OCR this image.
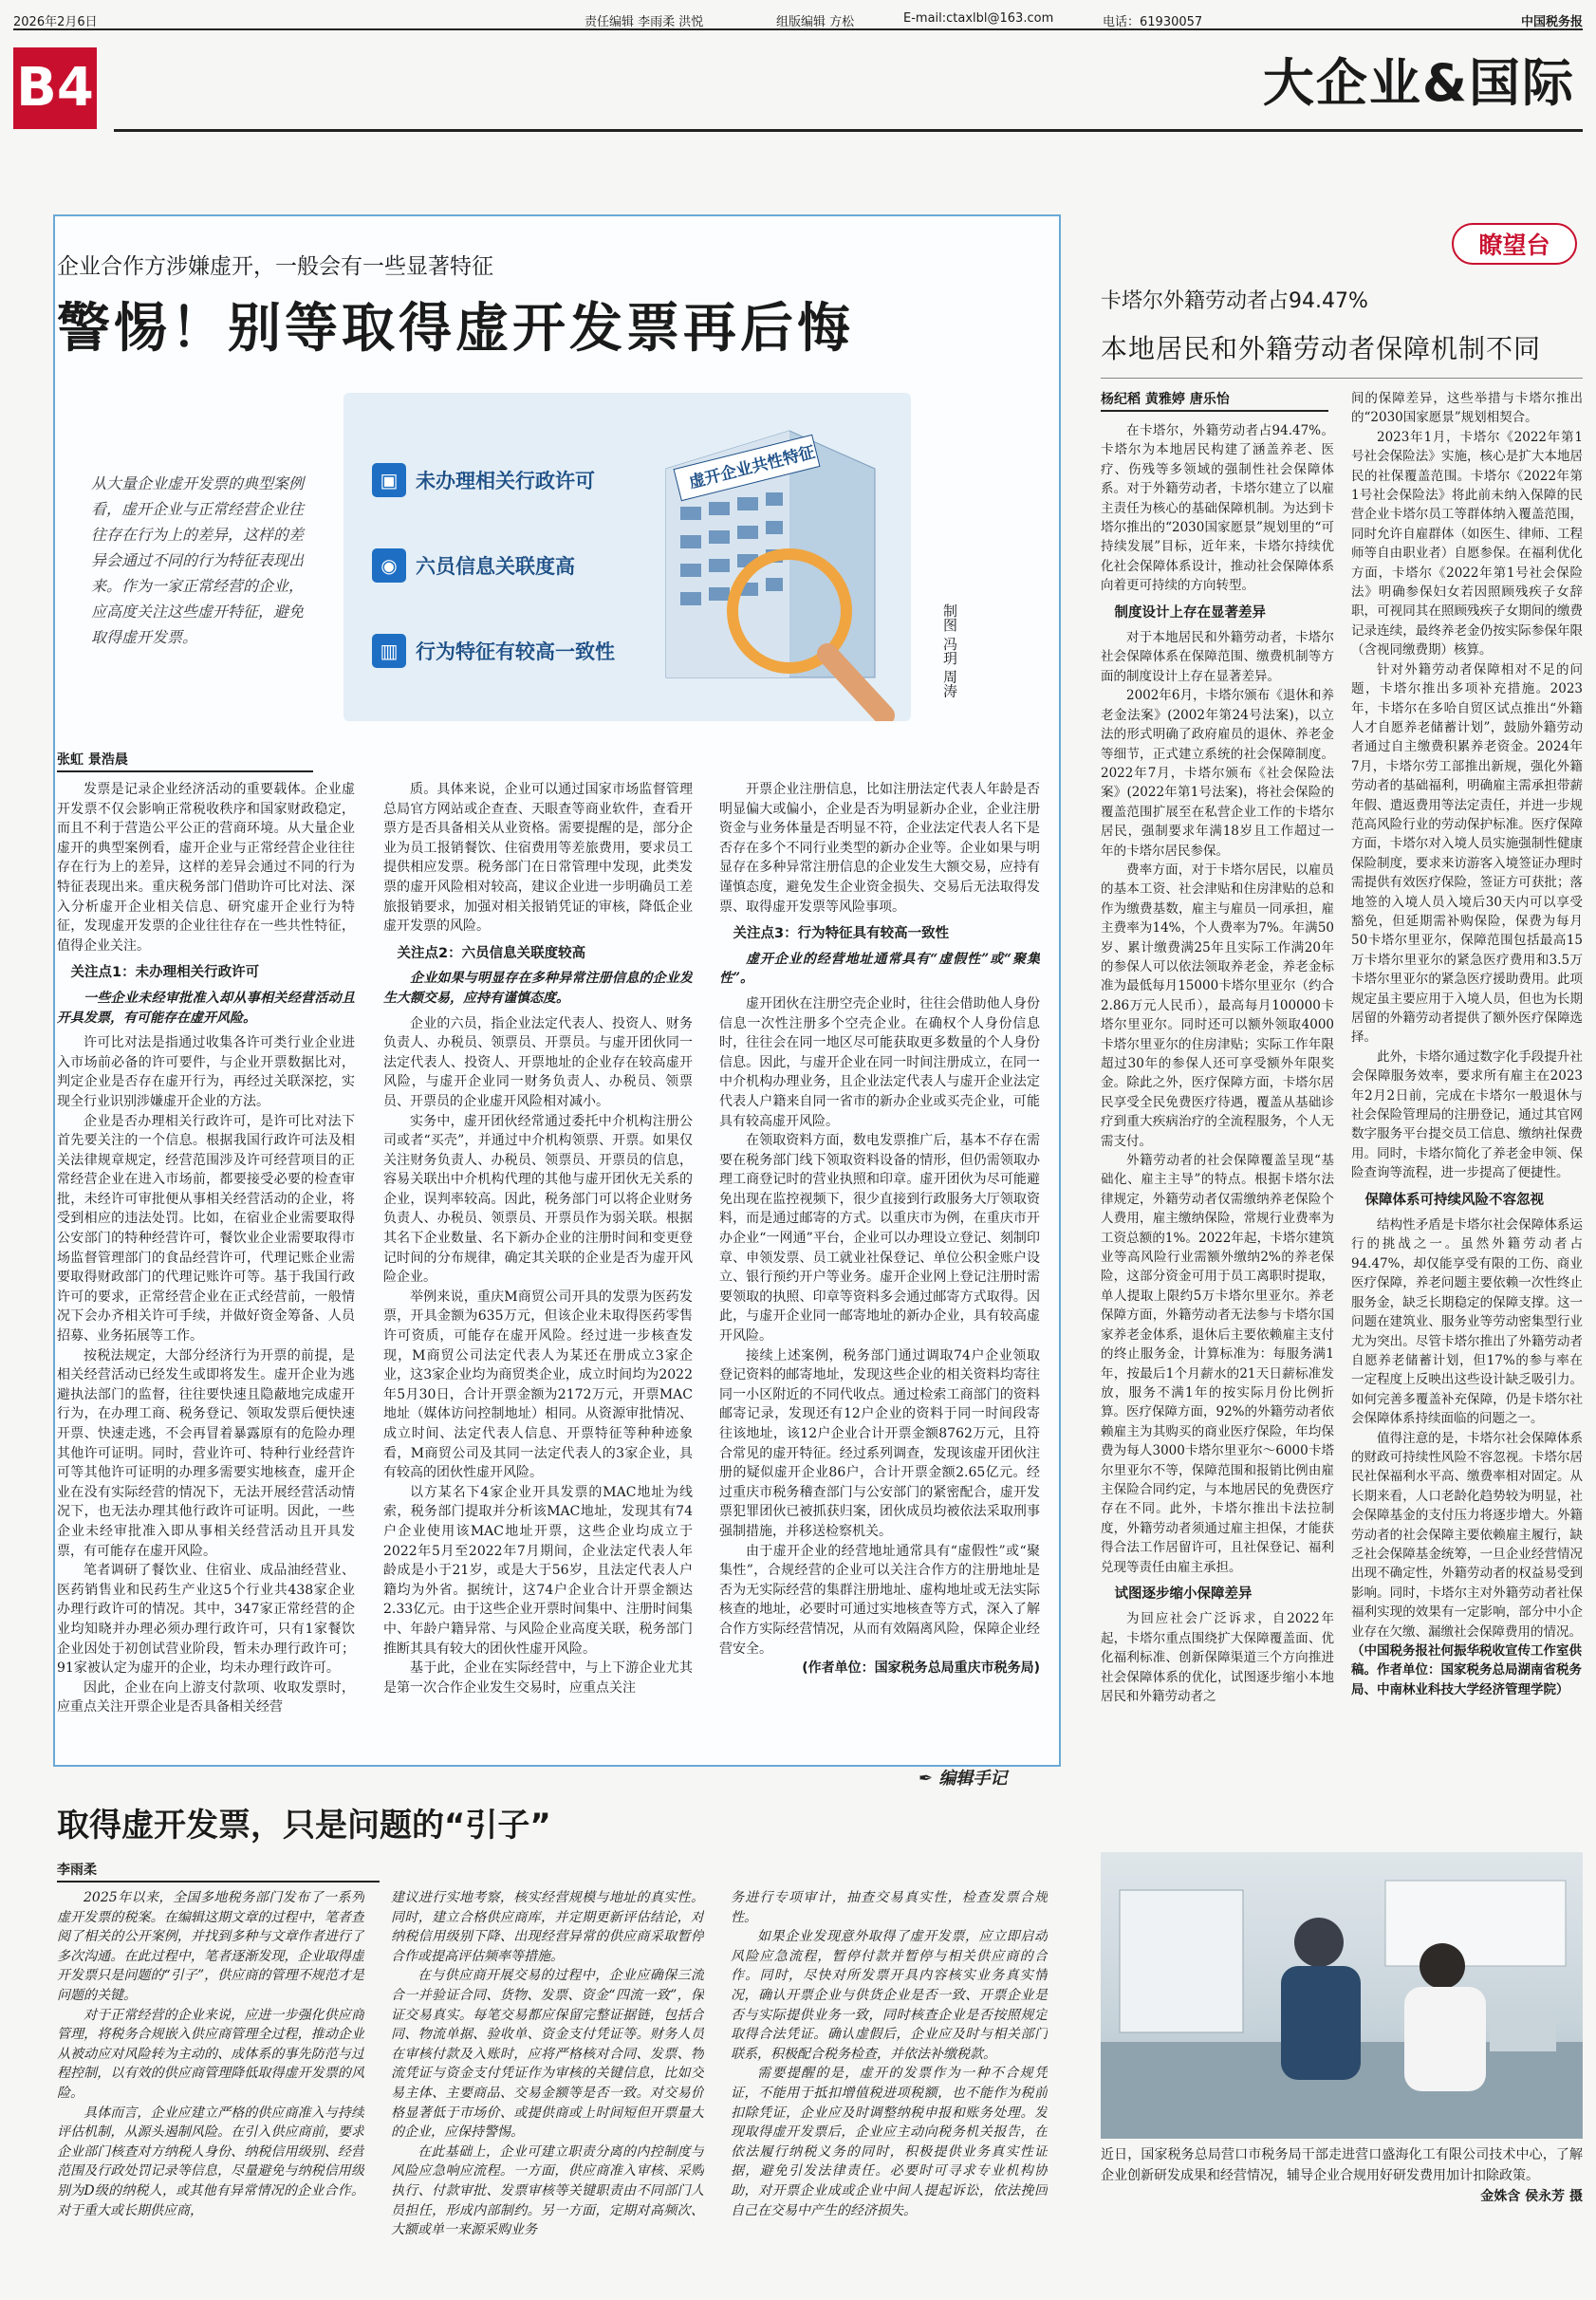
2026年2月6日	责任编辑 李雨柔 洪悦	组版编辑 方松	E-mail:ctaxlbl@163.com	电话：61930057	中国税务报
B4	大企业&国际
企业合作方涉嫌虚开，一般会有一些显著特征
警惕！别等取得虚开发票再后悔
从大量企业虚开发票的典型案例看，虚开企业与正常经营企业往往存在行为上的差异，这样的差异会通过不同的行为特征表现出来。作为一家正常经营的企业，应高度关注这些虚开特征，避免取得虚开发票。
虚开企业共性特征
▣ 未办理相关行政许可
◉ 六员信息关联度高
▥ 行为特征有较高一致性	制图 冯玥 周涛
张虹 景浩晨

发票是记录企业经济活动的重要载体。企业虚开发票不仅会影响正常税收秩序和国家财政稳定，而且不利于营造公平公正的营商环境。从大量企业虚开的典型案例看，虚开企业与正常经营企业往往存在行为上的差异，这样的差异会通过不同的行为特征表现出来。重庆税务部门借助许可比对法、深入分析虚开企业相关信息、研究虚开企业行为特征，发现虚开发票的企业往往存在一些共性特征，值得企业关注。

关注点1：未办理相关行政许可

一些企业未经审批准入却从事相关经营活动且开具发票，有可能存在虚开风险。

许可比对法是指通过收集各许可类行业企业进入市场前必备的许可要件，与企业开票数据比对，判定企业是否存在虚开行为，再经过关联深挖，实现全行业识别涉嫌虚开企业的方法。

企业是否办理相关行政许可，是许可比对法下首先要关注的一个信息。根据我国行政许可法及相关法律规章规定，经营范围涉及许可经营项目的正常经营企业在进入市场前，都要接受必要的检查审批，未经许可审批便从事相关经营活动的企业，将受到相应的违法处罚。比如，在宿业企业需要取得公安部门的特种经营许可，餐饮业企业需要取得市场监督管理部门的食品经营许可，代理记账企业需要取得财政部门的代理记账许可等。基于我国行政许可的要求，正常经营企业在正式经营前，一般情况下会办齐相关许可手续，并做好资金筹备、人员招募、业务拓展等工作。

按税法规定，大部分经济行为开票的前提，是相关经营活动已经发生或即将发生。虚开企业为逃避执法部门的监督，往往要快速且隐蔽地完成虚开行为，在办理工商、税务登记、领取发票后便快速开票、快速走逃，不会再冒着暴露原有的危险办理其他许可证明。同时，营业许可、特种行业经营许可等其他许可证明的办理多需要实地核查，虚开企业在没有实际经营的情况下，无法开展经营活动情况下，也无法办理其他行政许可证明。因此，一些企业未经审批准入即从事相关经营活动且开具发票，有可能存在虚开风险。

笔者调研了餐饮业、住宿业、成品油经营业、医药销售业和民药生产业这5个行业共438家企业办理行政许可的情况。其中，347家正常经营的企业均知晓并办理必须办理行政许可，只有1家餐饮企业因处于初创试营业阶段，暂未办理行政许可；91家被认定为虚开的企业，均未办理行政许可。

因此，企业在向上游支付款项、收取发票时，应重点关注开票企业是否具备相关经营

质。具体来说，企业可以通过国家市场监督管理总局官方网站或企查查、天眼查等商业软件，查看开票方是否具备相关从业资格。需要提醒的是，部分企业为员工报销餐饮、住宿费用等差旅费用，要求员工提供相应发票。税务部门在日常管理中发现，此类发票的虚开风险相对较高，建议企业进一步明确员工差旅报销要求，加强对相关报销凭证的审核，降低企业虚开发票的风险。

关注点2：六员信息关联度较高

企业如果与明显存在多种异常注册信息的企业发生大额交易，应持有谨慎态度。

企业的六员，指企业法定代表人、投资人、财务负责人、办税员、领票员、开票员。与虚开团伙同一法定代表人、投资人、开票地址的企业存在较高虚开风险，与虚开企业同一财务负责人、办税员、领票员、开票员的企业虚开风险相对减小。

实务中，虚开团伙经常通过委托中介机构注册公司或者“买壳”，并通过中介机构领票、开票。如果仅关注财务负责人、办税员、领票员、开票员的信息，容易关联出中介机构代理的其他与虚开团伙无关系的企业，误判率较高。因此，税务部门可以将企业财务负责人、办税员、领票员、开票员作为弱关联。根据其名下企业数量、名下新办企业的注册时间和变更登记时间的分布规律，确定其关联的企业是否为虚开风险企业。

举例来说，重庆M商贸公司开具的发票为医药发票，开具金额为635万元，但该企业未取得医药零售许可资质，可能存在虚开风险。经过进一步核查发现，M商贸公司法定代表人为某还在册成立3家企业，这3家企业均为商贸类企业，成立时间均为2022年5月30日，合计开票金额为2172万元，开票MAC地址（媒体访问控制地址）相同。从资源审批情况、成立时间、法定代表人信息、开票特征等种种迹象看，M商贸公司及其同一法定代表人的3家企业，具有较高的团伙性虚开风险。

以方某名下4家企业开具发票的MAC地址为线索，税务部门提取并分析该MAC地址，发现其有74户企业使用该MAC地址开票，这些企业均成立于2022年5月至2022年7月期间，企业法定代表人年龄成是小于21岁，或是大于56岁，且法定代表人户籍均为外省。据统计，这74户企业合计开票金额达2.33亿元。由于这些企业开票时间集中、注册时间集中、年龄户籍异常、与风险企业高度关联，税务部门推断其具有较大的团伙性虚开风险。

基于此，企业在实际经营中，与上下游企业尤其是第一次合作企业发生交易时，应重点关注

开票企业注册信息，比如注册法定代表人年龄是否明显偏大或偏小，企业是否为明显新办企业，企业注册资金与业务体量是否明显不符，企业法定代表人名下是否存在多个不同行业类型的新办企业等。企业如果与明显存在多种异常注册信息的企业发生大额交易，应持有谨慎态度，避免发生企业资金损失、交易后无法取得发票、取得虚开发票等风险事项。

关注点3：行为特征具有较高一致性

虚开企业的经营地址通常具有“虚假性”或“聚集性”。

虚开团伙在注册空壳企业时，往往会借助他人身份信息一次性注册多个空壳企业。在确权个人身份信息时，往往会在同一地区尽可能获取更多数量的个人身份信息。因此，与虚开企业在同一时间注册成立，在同一中介机构办理业务，且企业法定代表人与虚开企业法定代表人户籍来自同一省市的新办企业或买壳企业，可能具有较高虚开风险。

在领取资料方面，数电发票推广后，基本不存在需要在税务部门线下领取资料设备的情形，但仍需领取办理工商登记时的营业执照和印章。虚开团伙为尽可能避免出现在监控视频下，很少直接到行政服务大厅领取资料，而是通过邮寄的方式。以重庆市为例，在重庆市开办企业“一网通”平台，企业可以办理设立登记、刻制印章、申领发票、员工就业社保登记、单位公积金账户设立、银行预约开户等业务。虚开企业网上登记注册时需要领取的执照、印章等资料多会通过邮寄方式取得。因此，与虚开企业同一邮寄地址的新办企业，具有较高虚开风险。

接续上述案例，税务部门通过调取74户企业领取登记资料的邮寄地址，发现这些企业的相关资料均寄往同一小区附近的不同代收点。通过检索工商部门的资料邮寄记录，发现还有12户企业的资料于同一时间段寄往该地址，该12户企业合计开票金额8762万元，且符合常见的虚开特征。经过系列调查，发现该虚开团伙注册的疑似虚开企业86户，合计开票金额2.65亿元。经过重庆市税务稽查部门与公安部门的紧密配合，虚开发票犯罪团伙已被抓获归案，团伙成员均被依法采取刑事强制措施，并移送检察机关。

由于虚开企业的经营地址通常具有“虚假性”或“聚集性”，合规经营的企业可以关注合作方的注册地址是否为无实际经营的集群注册地址、虚构地址或无法实际核查的地址，必要时可通过实地核查等方式，深入了解合作方实际经营情况，从而有效隔离风险，保障企业经营安全。

(作者单位：国家税务总局重庆市税务局)

✒ 编辑手记
取得虚开发票，只是问题的“引子”
李雨柔

2025年以来，全国多地税务部门发布了一系列虚开发票的税案。在编辑这期文章的过程中，笔者查阅了相关的公开案例，并找到多种与文章作者进行了多次沟通。在此过程中，笔者逐渐发现，企业取得虚开发票只是问题的“引子”，供应商的管理不规范才是问题的关键。

对于正常经营的企业来说，应进一步强化供应商管理，将税务合规嵌入供应商管理全过程，推动企业从被动应对风险转为主动的、成体系的事先防范与过程控制，以有效的供应商管理降低取得虚开发票的风险。

具体而言，企业应建立严格的供应商准入与持续评估机制，从源头遏制风险。在引入供应商前，要求企业部门核查对方纳税人身份、纳税信用级别、经营范围及行政处罚记录等信息，尽量避免与纳税信用级别为D级的纳税人，或其他有异常情况的企业合作。对于重大或长期供应商，

建议进行实地考察，核实经营规模与地址的真实性。同时，建立合格供应商库，并定期更新评估结论，对纳税信用级别下降、出现经营异常的供应商采取暂停合作或提高评估频率等措施。

在与供应商开展交易的过程中，企业应确保三流合一并验证合同、货物、发票、资金“四流一致”，保证交易真实。每笔交易都应保留完整证据链，包括合同、物流单据、验收单、资金支付凭证等。财务人员在审核付款及入账时，应将严格核对合同、发票、物流凭证与资金支付凭证作为审核的关键信息，比如交易主体、主要商品、交易金额等是否一致。对交易价格显著低于市场价、或提供商或上时间短但开票量大的企业，应保持警惕。

在此基础上，企业可建立职责分离的内控制度与风险应急响应流程。一方面，供应商准入审核、采购执行、付款审批、发票审核等关键职责由不同部门人员担任，形成内部制约。另一方面，定期对高频次、大额或单一来源采购业务

务进行专项审计，抽查交易真实性，检查发票合规性。

如果企业发现意外取得了虚开发票，应立即启动风险应急流程，暂停付款并暂停与相关供应商的合作。同时，尽快对所发票开具内容核实业务真实情况，确认开票企业与供货企业是否一致、开票企业是否与实际提供业务一致，同时核查企业是否按照规定取得合法凭证。确认虚假后，企业应及时与相关部门联系，积极配合税务检查，并依法补缴税款。

需要提醒的是，虚开的发票作为一种不合规凭证，不能用于抵扣增值税进项税额，也不能作为税前扣除凭证，企业应及时调整纳税申报和账务处理。发现取得虚开发票后，企业应主动向税务机关报告，在依法履行纳税义务的同时，积极提供业务真实性证据，避免引发法律责任。必要时可寻求专业机构协助，对开票企业成或企业中间人提起诉讼，依法挽回自己在交易中产生的经济损失。

瞭望台
卡塔尔外籍劳动者占94.47%
本地居民和外籍劳动者保障机制不同
杨纪稻 黄雅婷 唐乐怡

在卡塔尔，外籍劳动者占94.47%。卡塔尔为本地居民构建了涵盖养老、医疗、伤残等多领域的强制性社会保障体系。对于外籍劳动者，卡塔尔建立了以雇主责任为核心的基础保障机制。为达到卡塔尔推出的“2030国家愿景”规划里的“可持续发展”目标，近年来，卡塔尔持续优化社会保障体系设计，推动社会保障体系向着更可持续的方向转型。

制度设计上存在显著差异

对于本地居民和外籍劳动者，卡塔尔社会保障体系在保障范围、缴费机制等方面的制度设计上存在显著差异。

2002年6月，卡塔尔颁布《退休和养老金法案》(2002年第24号法案)，以立法的形式明确了政府雇员的退休、养老金等细节，正式建立系统的社会保障制度。2022年7月，卡塔尔颁布《社会保险法案》(2022年第1号法案)，将社会保险的覆盖范围扩展至在私营企业工作的卡塔尔居民，强制要求年满18岁且工作超过一年的卡塔尔居民参保。

费率方面，对于卡塔尔居民，以雇员的基本工资、社会津贴和住房津贴的总和作为缴费基数，雇主与雇员一同承担，雇主费率为14%，个人费率为7%。年满50岁、累计缴费满25年且实际工作满20年的参保人可以依法领取养老金，养老金标准为最低每月15000卡塔尔里亚尔（约合2.86万元人民币），最高每月100000卡塔尔里亚尔。同时还可以额外领取4000卡塔尔里亚尔的住房津贴；实际工作年限超过30年的参保人还可享受额外年限奖金。除此之外，医疗保障方面，卡塔尔居民享受全民免费医疗待遇，覆盖从基础诊疗到重大疾病治疗的全流程服务，个人无需支付。

外籍劳动者的社会保障覆盖呈现“基础化、雇主主导”的特点。根据卡塔尔法律规定，外籍劳动者仅需缴纳养老保险个人费用，雇主缴纳保险，常规行业费率为工资总额的1%。2022年起，卡塔尔建筑业等高风险行业需额外缴纳2%的养老保险，这部分资金可用于员工离职时提取，单人提取上限约5万卡塔尔里亚尔。养老保障方面，外籍劳动者无法参与卡塔尔国家养老金体系，退休后主要依赖雇主支付的终止服务金，计算标准为：每服务满1年，按最后1个月薪水的21天日薪标准发放，服务不满1年的按实际月份比例折算。医疗保障方面，92%的外籍劳动者依赖雇主为其购买的商业医疗保险，年均保费为每人3000卡塔尔里亚尔～6000卡塔尔里亚尔不等，保障范围和报销比例由雇主保险合同约定，与本地居民的免费医疗存在不同。此外，卡塔尔推出卡法拉制度，外籍劳动者须通过雇主担保，才能获得合法工作居留许可，且社保登记、福利兑现等责任由雇主承担。

试图逐步缩小保障差异

为回应社会广泛诉求，自2022年起，卡塔尔重点围绕扩大保障覆盖面、优化福利标准、创新保障渠道三个方向推进社会保障体系的优化，试图逐步缩小本地居民和外籍劳动者之

间的保障差异，这些举措与卡塔尔推出的“2030国家愿景”规划相契合。

2023年1月，卡塔尔《2022年第1号社会保险法》实施，核心是扩大本地居民的社保覆盖范围。卡塔尔《2022年第1号社会保险法》将此前未纳入保障的民营企业卡塔尔员工等群体纳入覆盖范围，同时允许自雇群体（如医生、律师、工程师等自由职业者）自愿参保。在福利优化方面，卡塔尔《2022年第1号社会保险法》明确参保妇女若因照顾残疾子女辞职，可视同其在照顾残疾子女期间的缴费记录连续，最终养老金仍按实际参保年限（含视同缴费期）核算。

针对外籍劳动者保障相对不足的问题，卡塔尔推出多项补充措施。2023年，卡塔尔在多哈自贸区试点推出“外籍人才自愿养老储蓄计划”，鼓励外籍劳动者通过自主缴费积累养老资金。2024年7月，卡塔尔劳工部推出新规，强化外籍劳动者的基础福利，明确雇主需承担带薪年假、遣返费用等法定责任，并进一步规范高风险行业的劳动保护标准。医疗保障方面，卡塔尔对入境人员实施强制性健康保险制度，要求来访游客入境签证办理时需提供有效医疗保险，签证方可获批；落地签的入境人员入境后30天内可以享受豁免，但延期需补购保险，保费为每月50卡塔尔里亚尔，保障范围包括最高15万卡塔尔里亚尔的紧急医疗费用和3.5万卡塔尔里亚尔的紧急医疗援助费用。此项规定虽主要应用于入境人员，但也为长期居留的外籍劳动者提供了额外医疗保障选择。

此外，卡塔尔通过数字化手段提升社会保障服务效率，要求所有雇主在2023年2月2日前，完成在卡塔尔一般退休与社会保险管理局的注册登记，通过其官网数字服务平台提交员工信息、缴纳社保费用。同时，卡塔尔简化了养老金申领、保险查询等流程，进一步提高了便捷性。

保障体系可持续风险不容忽视

结构性矛盾是卡塔尔社会保障体系运行的挑战之一。虽然外籍劳动者占94.47%，却仅能享受有限的工伤、商业医疗保障，养老问题主要依赖一次性终止服务金，缺乏长期稳定的保障支撑。这一问题在建筑业、服务业等劳动密集型行业尤为突出。尽管卡塔尔推出了外籍劳动者自愿养老储蓄计划，但17%的参与率在一定程度上反映出这些设计缺乏吸引力。如何完善多覆盖补充保障，仍是卡塔尔社会保障体系持续面临的问题之一。

值得注意的是，卡塔尔社会保障体系的财政可持续性风险不容忽视。卡塔尔居民社保福利水平高、缴费率相对固定。从长期来看，人口老龄化趋势较为明显，社会保障基金的支付压力将逐步增大。外籍劳动者的社会保障主要依赖雇主履行，缺乏社会保障基金统筹，一旦企业经营情况出现不确定性，外籍劳动者的权益易受到影响。同时，卡塔尔主对外籍劳动者社保福利实现的效果有一定影响，部分中小企业存在欠缴、漏缴社会保障费用的情况。

（中国税务报社何振华税收宣传工作室供稿。作者单位：国家税务总局湖南省税务局、中南林业科技大学经济管理学院）

近日，国家税务总局营口市税务局干部走进营口盛海化工有限公司技术中心，了解企业创新研发成果和经营情况，辅导企业合规用好研发费用加计扣除政策。
金姝含 侯永芳 摄
